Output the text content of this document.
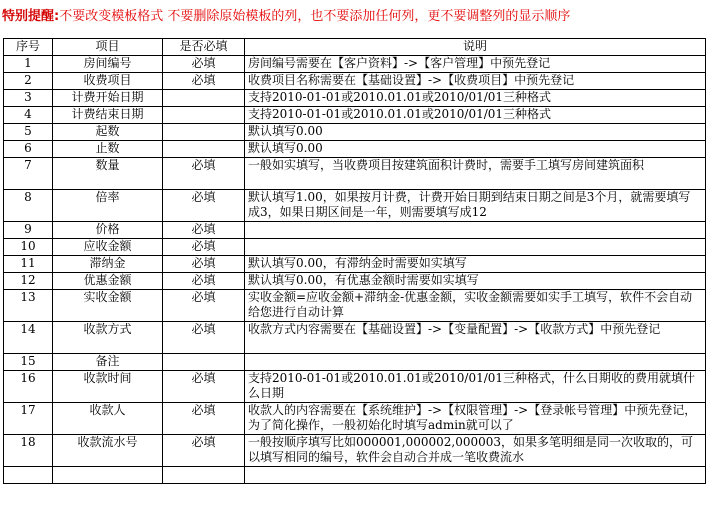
特别提醒:不要改变模板格式 不要删除原始模板的列，也不要添加任何列，更不要调整列的显示顺序
序号	项目	是否必填	说明
1	房间编号	必填	房间编号需要在【客户资料】->【客户管理】中预先登记
2	收费项目	必填	收费项目名称需要在【基础设置】->【收费项目】中预先登记
3	计费开始日期		支持2010-01-01或2010.01.01或2010/01/01三种格式
4	计费结束日期		支持2010-01-01或2010.01.01或2010/01/01三种格式
5	起数		默认填写0.00
6	止数		默认填写0.00
7	数量	必填	一般如实填写，当收费项目按建筑面积计费时，需要手工填写房间建筑面积
8	倍率	必填	默认填写1.00，如果按月计费，计费开始日期到结束日期之间是3个月，就需要填写成3，如果日期区间是一年，则需要填写成12
9	价格	必填	
10	应收金额	必填	
11	滞纳金	必填	默认填写0.00，有滞纳金时需要如实填写
12	优惠金额	必填	默认填写0.00，有优惠金额时需要如实填写
13	实收金额	必填	实收金额=应收金额+滞纳金-优惠金额，实收金额需要如实手工填写，软件不会自动给您进行自动计算
14	收款方式	必填	收款方式内容需要在【基础设置】->【变量配置】->【收款方式】中预先登记
15	备注		
16	收款时间	必填	支持2010-01-01或2010.01.01或2010/01/01三种格式，什么日期收的费用就填什么日期
17	收款人	必填	收款人的内容需要在【系统维护】->【权限管理】->【登录帐号管理】中预先登记，为了简化操作，一般初始化时填写admin就可以了
18	收款流水号	必填	一般按顺序填写比如000001,000002,000003，如果多笔明细是同一次收取的，可以填写相同的编号，软件会自动合并成一笔收费流水
